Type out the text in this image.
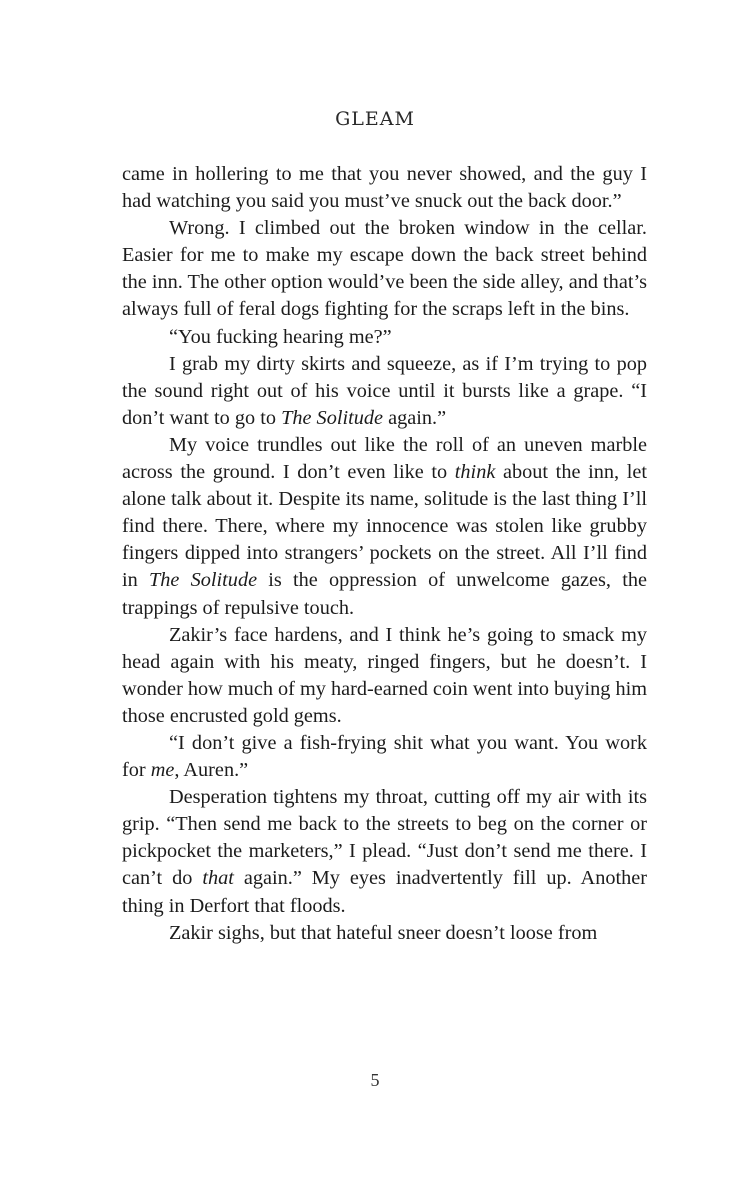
GLEAM

came in hollering to me that you never showed, and the guy I had watching you said you must’ve snuck out the back door.”

Wrong. I climbed out the broken window in the cellar. Easier for me to make my escape down the back street behind the inn. The other option would’ve been the side alley, and that’s always full of feral dogs fighting for the scraps left in the bins.

“You fucking hearing me?”

I grab my dirty skirts and squeeze, as if I’m trying to pop the sound right out of his voice until it bursts like a grape. “I don’t want to go to The Solitude again.”

My voice trundles out like the roll of an uneven marble across the ground. I don’t even like to think about the inn, let alone talk about it. Despite its name, solitude is the last thing I’ll find there. There, where my innocence was stolen like grubby fingers dipped into strangers’ pockets on the street. All I’ll find in The Solitude is the oppression of unwelcome gazes, the trappings of repulsive touch.

Zakir’s face hardens, and I think he’s going to smack my head again with his meaty, ringed fingers, but he doesn’t. I wonder how much of my hard-earned coin went into buying him those encrusted gold gems.

“I don’t give a fish-frying shit what you want. You work for me, Auren.”

Desperation tightens my throat, cutting off my air with its grip. “Then send me back to the streets to beg on the corner or pickpocket the marketers,” I plead. “Just don’t send me there. I can’t do that again.” My eyes inadvertently fill up. Another thing in Derfort that floods.

Zakir sighs, but that hateful sneer doesn’t loose from

5
